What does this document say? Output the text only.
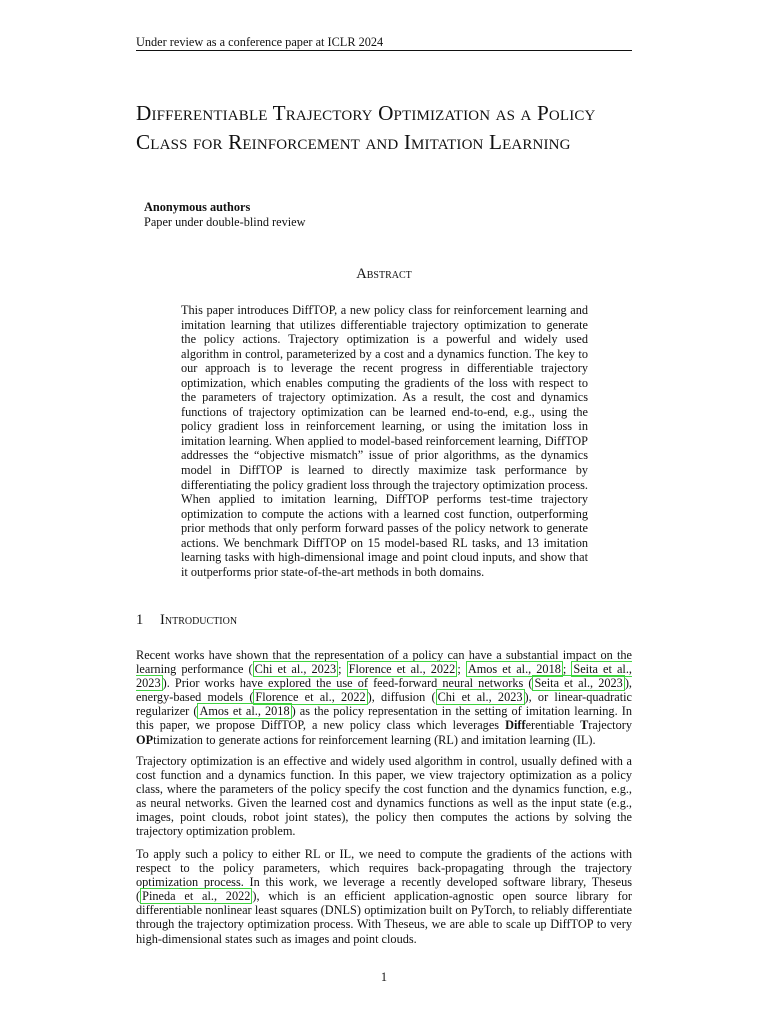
Under review as a conference paper at ICLR 2024
Differentiable Trajectory Optimization as a Policy Class for Reinforcement and Imitation Learning
Anonymous authors
Paper under double-blind review
Abstract
This paper introduces DiffTOP, a new policy class for reinforcement learning and imitation learning that utilizes differentiable trajectory optimization to generate the policy actions. Trajectory optimization is a powerful and widely used algorithm in control, parameterized by a cost and a dynamics function. The key to our approach is to leverage the recent progress in differentiable trajectory optimization, which enables computing the gradients of the loss with respect to the parameters of trajectory optimization. As a result, the cost and dynamics functions of trajectory optimization can be learned end-to-end, e.g., using the policy gradient loss in reinforcement learning, or using the imitation loss in imitation learning. When applied to model-based reinforcement learning, DiffTOP addresses the “objective mismatch” issue of prior algorithms, as the dynamics model in DiffTOP is learned to directly maximize task performance by differentiating the policy gradient loss through the trajectory optimization process. When applied to imitation learning, DiffTOP performs test-time trajectory optimization to compute the actions with a learned cost function, outperforming prior methods that only perform forward passes of the policy network to generate actions. We benchmark DiffTOP on 15 model-based RL tasks, and 13 imitation learning tasks with high-dimensional image and point cloud inputs, and show that it outperforms prior state-of-the-art methods in both domains.
1 Introduction
Recent works have shown that the representation of a policy can have a substantial impact on the learning performance ( Chi et al., 2023 ; Florence et al., 2022 ; Amos et al., 2018 ; Seita et al., 2023 ). Prior works have explored the use of feed-forward neural networks ( Seita et al., 2023 ), energy-based models ( Florence et al., 2022 ), diffusion ( Chi et al., 2023 ), or linear-quadratic regularizer ( Amos et al., 2018 ) as the policy representation in the setting of imitation learning. In this paper, we propose DiffTOP, a new policy class which leverages Differentiable Trajectory OPtimization to generate actions for reinforcement learning (RL) and imitation learning (IL).
Trajectory optimization is an effective and widely used algorithm in control, usually defined with a cost function and a dynamics function. In this paper, we view trajectory optimization as a policy class, where the parameters of the policy specify the cost function and the dynamics function, e.g., as neural networks. Given the learned cost and dynamics functions as well as the input state (e.g., images, point clouds, robot joint states), the policy then computes the actions by solving the trajectory optimization problem.
To apply such a policy to either RL or IL, we need to compute the gradients of the actions with respect to the policy parameters, which requires back-propagating through the trajectory optimization process. In this work, we leverage a recently developed software library, Theseus ( Pineda et al., 2022 ), which is an efficient application-agnostic open source library for differentiable nonlinear least squares (DNLS) optimization built on PyTorch, to reliably differentiate through the trajectory optimization process. With Theseus, we are able to scale up DiffTOP to very high-dimensional states such as images and point clouds.
1
